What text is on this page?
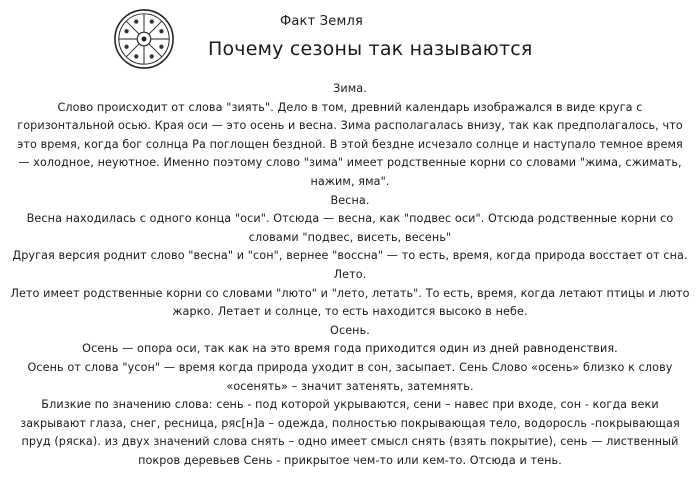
Факт Земля
Почему сезоны так называются
Зима.
Слово происходит от слова "зиять". Дело в том, древний календарь изображался в виде круга с
горизонтальной осью. Края оси — это осень и весна. Зима располагалась внизу, так как предполагалось, что
это время, когда бог солнца Ра поглощен бездной. В этой бездне исчезало солнце и наступало темное время
— холодное, неуютное. Именно поэтому слово "зима" имеет родственные корни со словами "жима, сжимать,
нажим, яма".
Весна.
Весна находилась с одного конца "оси". Отсюда — весна, как "подвес оси". Отсюда родственные корни со
словами "подвес, висеть, весень"
Другая версия роднит слово "весна" и "сон", вернее "воссна" — то есть, время, когда природа восстает от сна.
Лето.
Лето имеет родственные корни со словами "лютo" и "лето, летать". То есть, время, когда летают птицы и люто
жарко. Летает и солнце, то есть находится высоко в небе.
Осень.
Осень — опора оси, так как на это время года приходится один из дней равноденствия.
Осень от слова "усон" — время когда природа уходит в сон, засыпает. Сень Слово «осень» близко к слову
«осенять» – значит затенять, затемнять.
Близкие по значению слова: сень - под которой укрываются, сени – навес при входе, сон - когда веки
закрывают глаза, снег, ресница, ряс[н]а – одежда, полностью покрывающая тело, водоросль -покрывающая
пруд (ряска). из двух значений слова снять – одно имеет смысл снять (взять покрытие), сень — лиственный
покров деревьев Сень - прикрытое чем-то или кем-то. Отсюда и тень.
